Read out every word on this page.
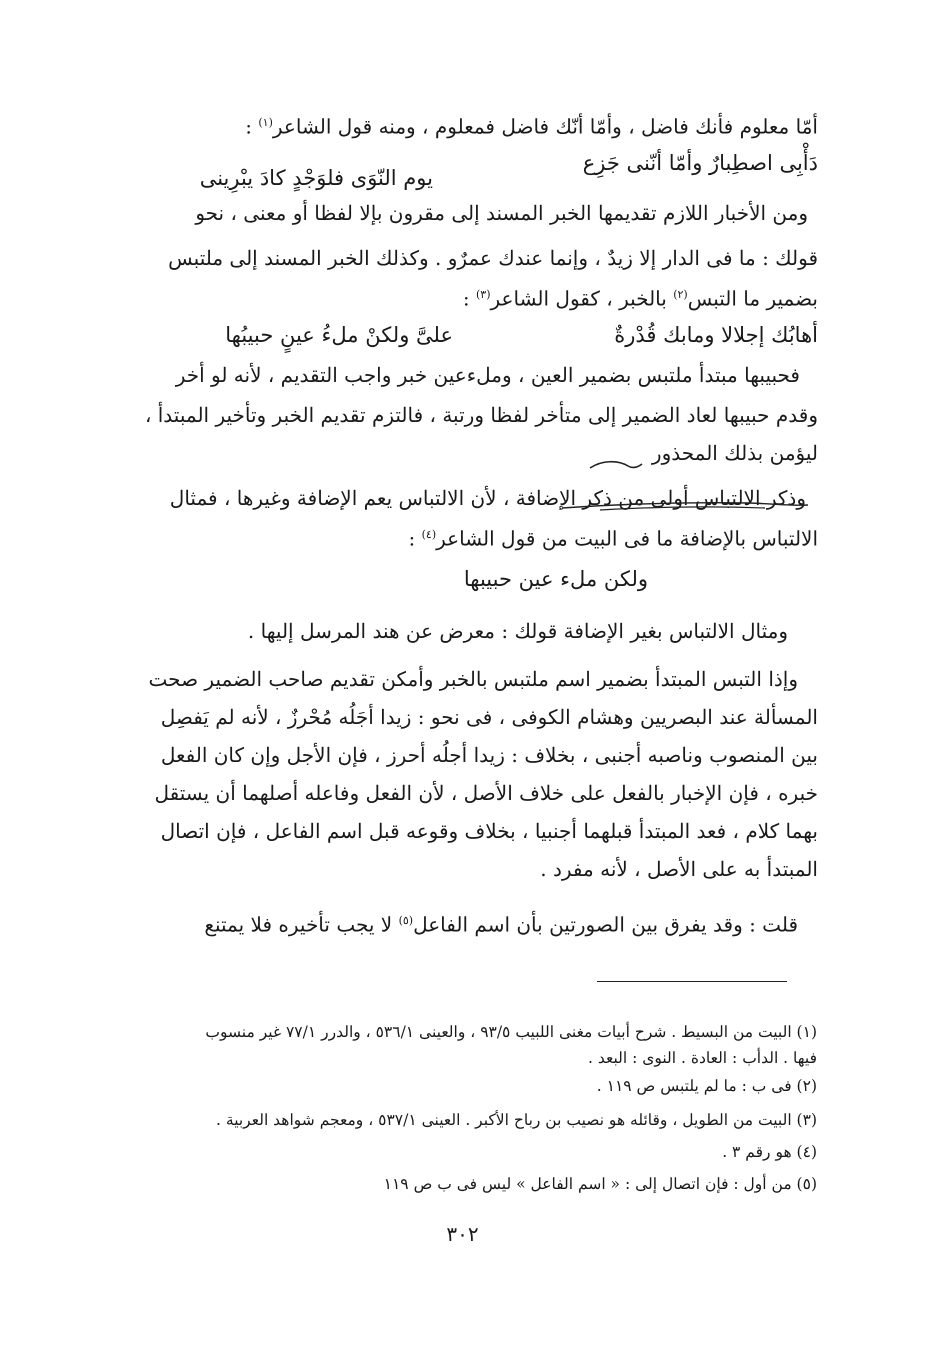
أمّا معلوم فأنك فاضل ، وأمّا أنّك فاضل فمعلوم ، ومنه قول الشاعر$^{(١)}$ :
دَأْبِى اصطِبارٌ وأمّا أنّنى جَزِع
يوم النّوَى فلوَجْدٍ كادَ يبْرِينى
ومن الأخبار اللازم تقديمها الخبر المسند إلى مقرون بإلا لفظا أو معنى ، نحو
قولك : ما فى الدار إلا زيدٌ ، وإنما عندك عمرٌو . وكذلك الخبر المسند إلى ملتبس
بضمير ما التبس$^{(٢)}$ بالخبر ، كقول الشاعر$^{(٣)}$ :
أهابُك إجلالا ومابك قُدْرةٌ
علىَّ ولكنْ ملءُ عينٍ حبيبُها
فحبيبها مبتدأ ملتبس بضمير العين ، وملءعين خبر واجب التقديم ، لأنه لو أخر
وقدم حبيبها لعاد الضمير إلى متأخر لفظا ورتبة ، فالتزم تقديم الخبر وتأخير المبتدأ ،
ليؤمن بذلك المحذور
وذكر الالتباس أولى من ذكر الإضافة ، لأن الالتباس يعم الإضافة وغيرها ، فمثال
الالتباس بالإضافة ما فى البيت من قول الشاعر$^{(٤)}$ :
ولكن ملء عين حبيبها
ومثال الالتباس بغير الإضافة قولك : معرض عن هند المرسل إليها .
وإذا التبس المبتدأ بضمير اسم ملتبس بالخبر وأمكن تقديم صاحب الضمير صحت
المسألة عند البصريين وهشام الكوفى ، فى نحو : زيدا أجَلُه مُحْرزٌ ، لأنه لم يَفصِل
بين المنصوب وناصبه أجنبى ، بخلاف : زيدا أجلُه أحرز ، فإن الأجل وإن كان الفعل
خبره ، فإن الإخبار بالفعل على خلاف الأصل ، لأن الفعل وفاعله أصلهما أن يستقل
بهما كلام ، فعد المبتدأ قبلهما أجنبيا ، بخلاف وقوعه قبل اسم الفاعل ، فإن اتصال
المبتدأ به على الأصل ، لأنه مفرد .
قلت : وقد يفرق بين الصورتين بأن اسم الفاعل$^{(٥)}$ لا يجب تأخيره فلا يمتنع
(١) البيت من البسيط . شرح أبيات مغنى اللبيب ٩٣/٥ ، والعينى ٥٣٦/١ ، والدرر ٧٧/١ غير منسوب
فيها . الدأب : العادة . النوى : البعد .
(٢) فى ب : ما لم يلتبس ص ١١٩ .
(٣) البيت من الطويل ، وقائله هو نصيب بن رباح الأكبر . العينى ٥٣٧/١ ، ومعجم شواهد العربية .
(٤) هو رقم ٣ .
(٥) من أول : فإن اتصال إلى : « اسم الفاعل » ليس فى ب ص ١١٩
٣٠٢
